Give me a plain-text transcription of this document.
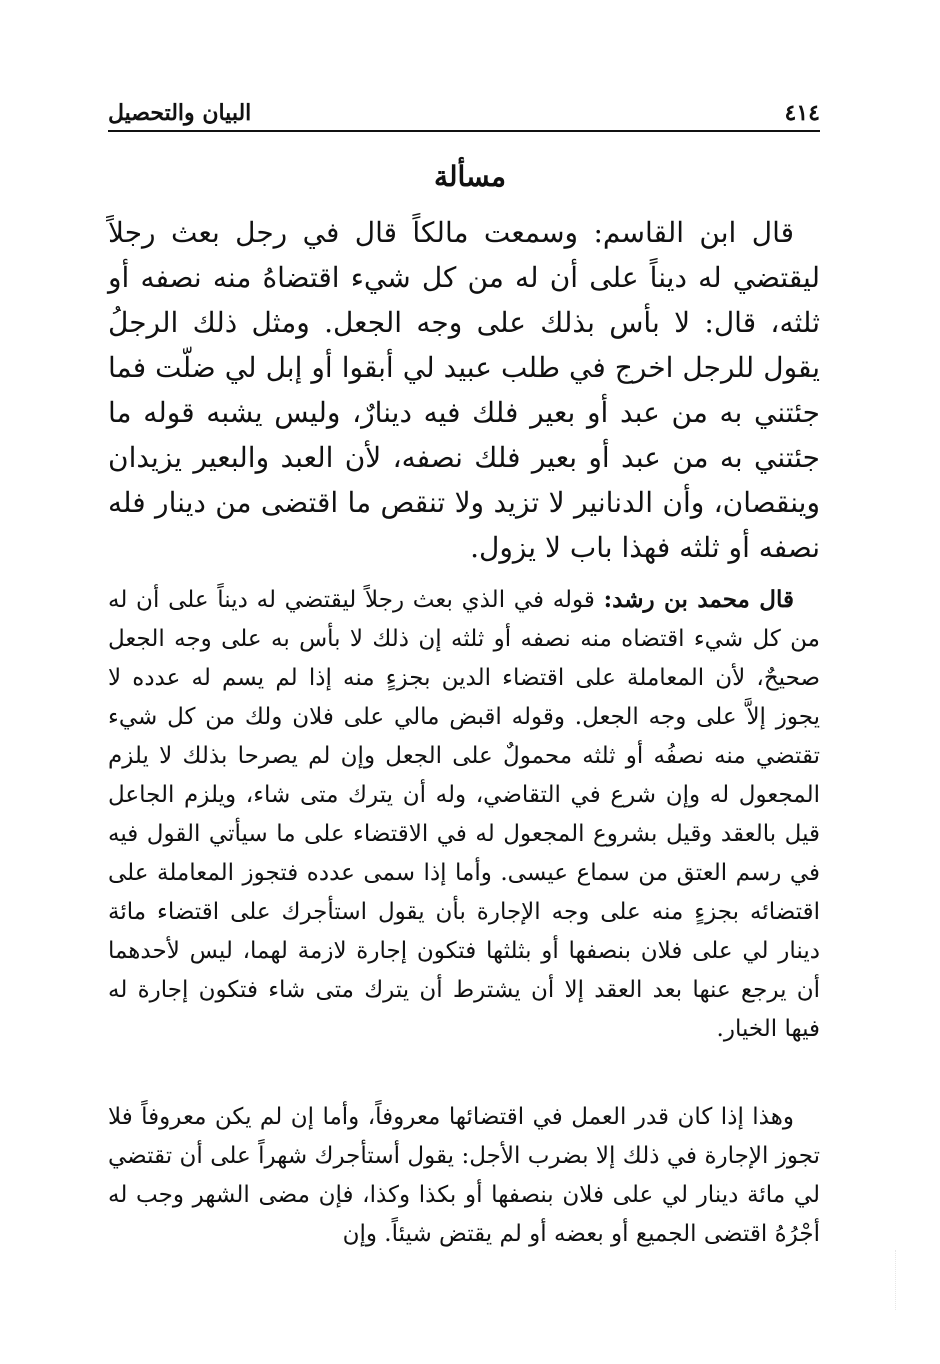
٤١٤
البيان والتحصيل
مسألة
قال ابن القاسم: وسمعت مالكاً قال في رجل بعث رجلاً ليقتضي له ديناً على أن له من كل شيء اقتضاهُ منه نصفه أو ثلثه، قال: لا بأس بذلك على وجه الجعل. ومثل ذلك الرجلُ يقول للرجل اخرج في طلب عبيد لي أبقوا أو إبل لي ضلّت فما جئتني به من عبد أو بعير فلك فيه دينارٌ، وليس يشبه قوله ما جئتني به من عبد أو بعير فلك نصفه، لأن العبد والبعير يزيدان وينقصان، وأن الدنانير لا تزيد ولا تنقص ما اقتضى من دينار فله نصفه أو ثلثه فهذا باب لا يزول.
قال محمد بن رشد: قوله في الذي بعث رجلاً ليقتضي له ديناً على أن له من كل شيء اقتضاه منه نصفه أو ثلثه إن ذلك لا بأس به على وجه الجعل صحيحٌ، لأن المعاملة على اقتضاء الدين بجزءٍ منه إذا لم يسم له عدده لا يجوز إلاَّ على وجه الجعل. وقوله اقبض مالي على فلان ولك من كل شيء تقتضي منه نصفُه أو ثلثه محمولٌ على الجعل وإن لم يصرحا بذلك لا يلزم المجعول له وإن شرع في التقاضي، وله أن يترك متى شاء، ويلزم الجاعل قيل بالعقد وقيل بشروع المجعول له في الاقتضاء على ما سيأتي القول فيه في رسم العتق من سماع عيسى. وأما إذا سمى عدده فتجوز المعاملة على اقتضائه بجزءٍ منه على وجه الإجارة بأن يقول استأجرك على اقتضاء مائة دينار لي على فلان بنصفها أو بثلثها فتكون إجارة لازمة لهما، ليس لأحدهما أن يرجع عنها بعد العقد إلا أن يشترط أن يترك متى شاء فتكون إجارة له فيها الخيار.
وهذا إذا كان قدر العمل في اقتضائها معروفاً، وأما إن لم يكن معروفاً فلا تجوز الإجارة في ذلك إلا بضرب الأجل: يقول أستأجرك شهراً على أن تقتضي لي مائة دينار لي على فلان بنصفها أو بكذا وكذا، فإن مضى الشهر وجب له أجْرُهُ اقتضى الجميع أو بعضه أو لم يقتض شيئاً. وإن
